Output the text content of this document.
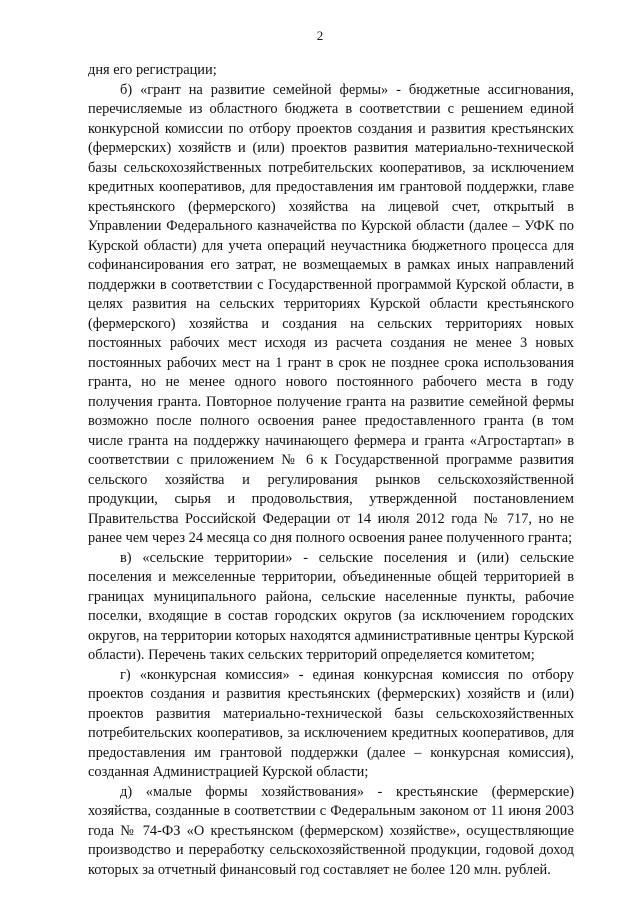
2

дня его регистрации;

б) «грант на развитие семейной фермы» - бюджетные ассигнования, перечисляемые из областного бюджета в соответствии с решением единой конкурсной комиссии по отбору проектов создания и развития крестьянских (фермерских) хозяйств и (или) проектов развития материально-технической базы сельскохозяйственных потребительских кооперативов, за исключением кредитных кооперативов, для предоставления им грантовой поддержки, главе крестьянского (фермерского) хозяйства на лицевой счет, открытый в Управлении Федерального казначейства по Курской области (далее – УФК по Курской области) для учета операций неучастника бюджетного процесса для софинансирования его затрат, не возмещаемых в рамках иных направлений поддержки в соответствии с Государственной программой Курской области, в целях развития на сельских территориях Курской области крестьянского (фермерского) хозяйства и создания на сельских территориях новых постоянных рабочих мест исходя из расчета создания не менее 3 новых постоянных рабочих мест на 1 грант в срок не позднее срока использования гранта, но не менее одного нового постоянного рабочего места в году получения гранта. Повторное получение гранта на развитие семейной фермы возможно после полного освоения ранее предоставленного гранта (в том числе гранта на поддержку начинающего фермера и гранта «Агростартап» в соответствии с приложением № 6 к Государственной программе развития сельского хозяйства и регулирования рынков сельскохозяйственной продукции, сырья и продовольствия, утвержденной постановлением Правительства Российской Федерации от 14 июля 2012 года № 717, но не ранее чем через 24 месяца со дня полного освоения ранее полученного гранта;

в) «сельские территории» - сельские поселения и (или) сельские поселения и межселенные территории, объединенные общей территорией в границах муниципального района, сельские населенные пункты, рабочие поселки, входящие в состав городских округов (за исключением городских округов, на территории которых находятся административные центры Курской области). Перечень таких сельских территорий определяется комитетом;

г) «конкурсная комиссия» - единая конкурсная комиссия по отбору проектов создания и развития крестьянских (фермерских) хозяйств и (или) проектов развития материально-технической базы сельскохозяйственных потребительских кооперативов, за исключением кредитных кооперативов, для предоставления им грантовой поддержки (далее – конкурсная комиссия), созданная Администрацией Курской области;

д) «малые формы хозяйствования» - крестьянские (фермерские) хозяйства, созданные в соответствии с Федеральным законом от 11 июня 2003 года № 74-ФЗ «О крестьянском (фермерском) хозяйстве», осуществляющие производство и переработку сельскохозяйственной продукции, годовой доход которых за отчетный финансовый год составляет не более 120 млн. рублей.
